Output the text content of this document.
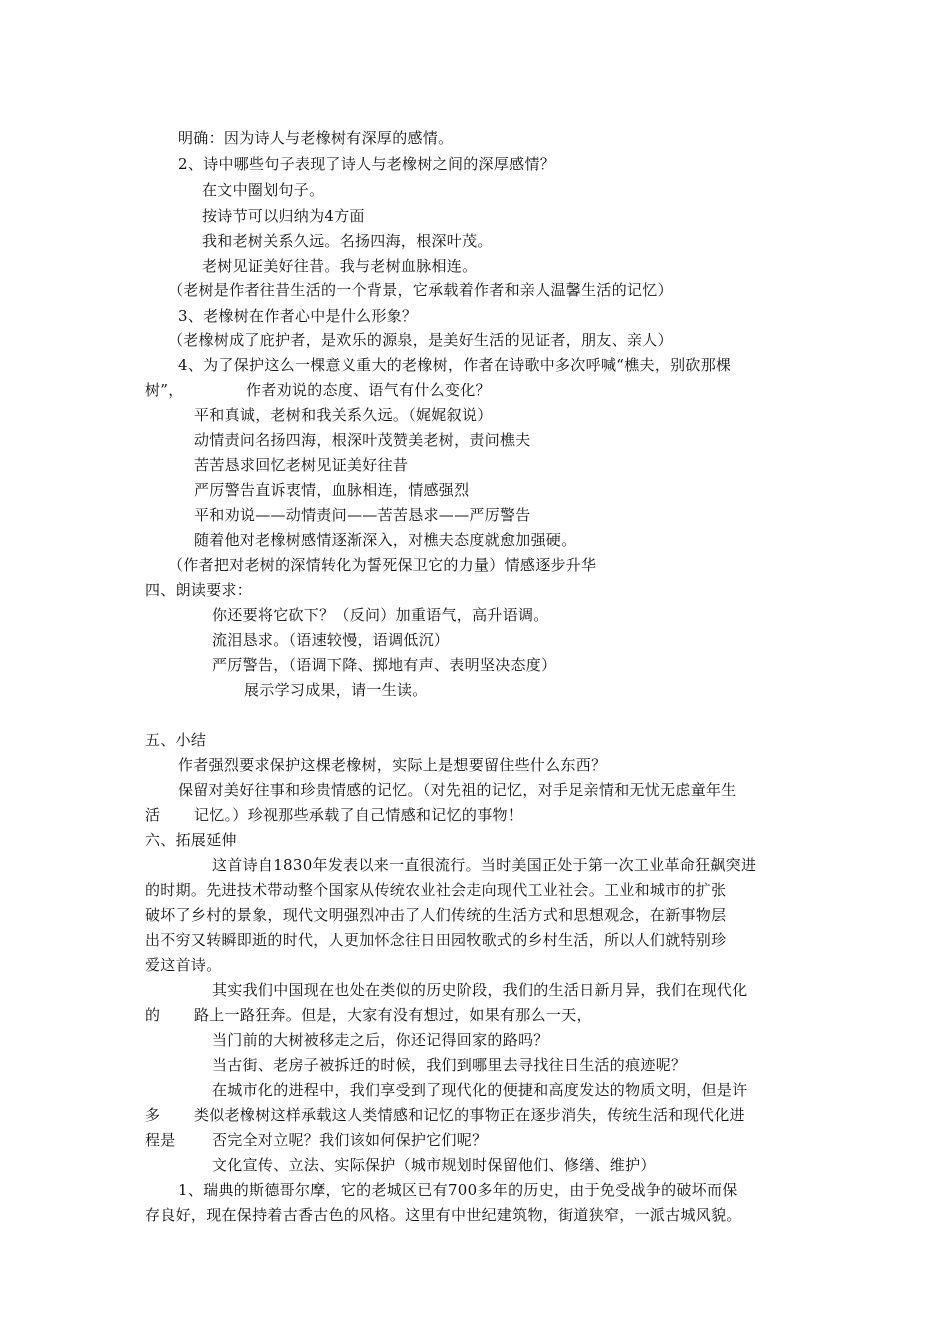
明确：因为诗人与老橡树有深厚的感情。
2、诗中哪些句子表现了诗人与老橡树之间的深厚感情？
在文中圈划句子。
按诗节可以归纳为4方面
我和老树关系久远。名扬四海，根深叶茂。
老树见证美好往昔。我与老树血脉相连。
（老树是作者往昔生活的一个背景，它承载着作者和亲人温馨生活的记忆）
3、老橡树在作者心中是什么形象？
（老橡树成了庇护者，是欢乐的源泉，是美好生活的见证者，朋友、亲人）
4、为了保护这么一棵意义重大的老橡树，作者在诗歌中多次呼喊“樵夫，别砍那棵
树”，	作者劝说的态度、语气有什么变化？
平和真诚，老树和我关系久远。（娓娓叙说）
动情责问名扬四海，根深叶茂赞美老树，责问樵夫
苦苦恳求回忆老树见证美好往昔
严厉警告直诉衷情，血脉相连，情感强烈
平和劝说——动情责问——苦苦恳求——严厉警告
随着他对老橡树感情逐渐深入，对樵夫态度就愈加强硬。
（作者把对老树的深情转化为誓死保卫它的力量）情感逐步升华
四、朗读要求：
你还要将它砍下？（反问）加重语气，高升语调。
流泪恳求。（语速较慢，语调低沉）
严厉警告，（语调下降、掷地有声、表明坚决态度）
展示学习成果，请一生读。
五、小结
作者强烈要求保护这棵老橡树，实际上是想要留住些什么东西？
保留对美好往事和珍贵情感的记忆。（对先祖的记忆，对手足亲情和无忧无虑童年生
活 记忆。）珍视那些承载了自己情感和记忆的事物！
六、拓展延伸
这首诗自1830年发表以来一直很流行。当时美国正处于第一次工业革命狂飙突进
的时期。先进技术带动整个国家从传统农业社会走向现代工业社会。工业和城市的扩张
破坏了乡村的景象，现代文明强烈冲击了人们传统的生活方式和思想观念，在新事物层
出不穷又转瞬即逝的时代，人更加怀念往日田园牧歌式的乡村生活，所以人们就特别珍
爱这首诗。
其实我们中国现在也处在类似的历史阶段，我们的生活日新月异，我们在现代化
的 路上一路狂奔。但是，大家有没有想过，如果有那么一天，
当门前的大树被移走之后，你还记得回家的路吗？
当古街、老房子被拆迁的时候，我们到哪里去寻找往日生活的痕迹呢？
在城市化的进程中，我们享受到了现代化的便捷和高度发达的物质文明，但是许
多 类似老橡树这样承载这人类情感和记忆的事物正在逐步消失，传统生活和现代化进
程是 否完全对立呢？我们该如何保护它们呢？
文化宣传、立法、实际保护（城市规划时保留他们、修缮、维护）
1、瑞典的斯德哥尔摩，它的老城区已有700多年的历史，由于免受战争的破坏而保
存良好，现在保持着古香古色的风格。这里有中世纪建筑物，街道狭窄，一派古城风貌。
